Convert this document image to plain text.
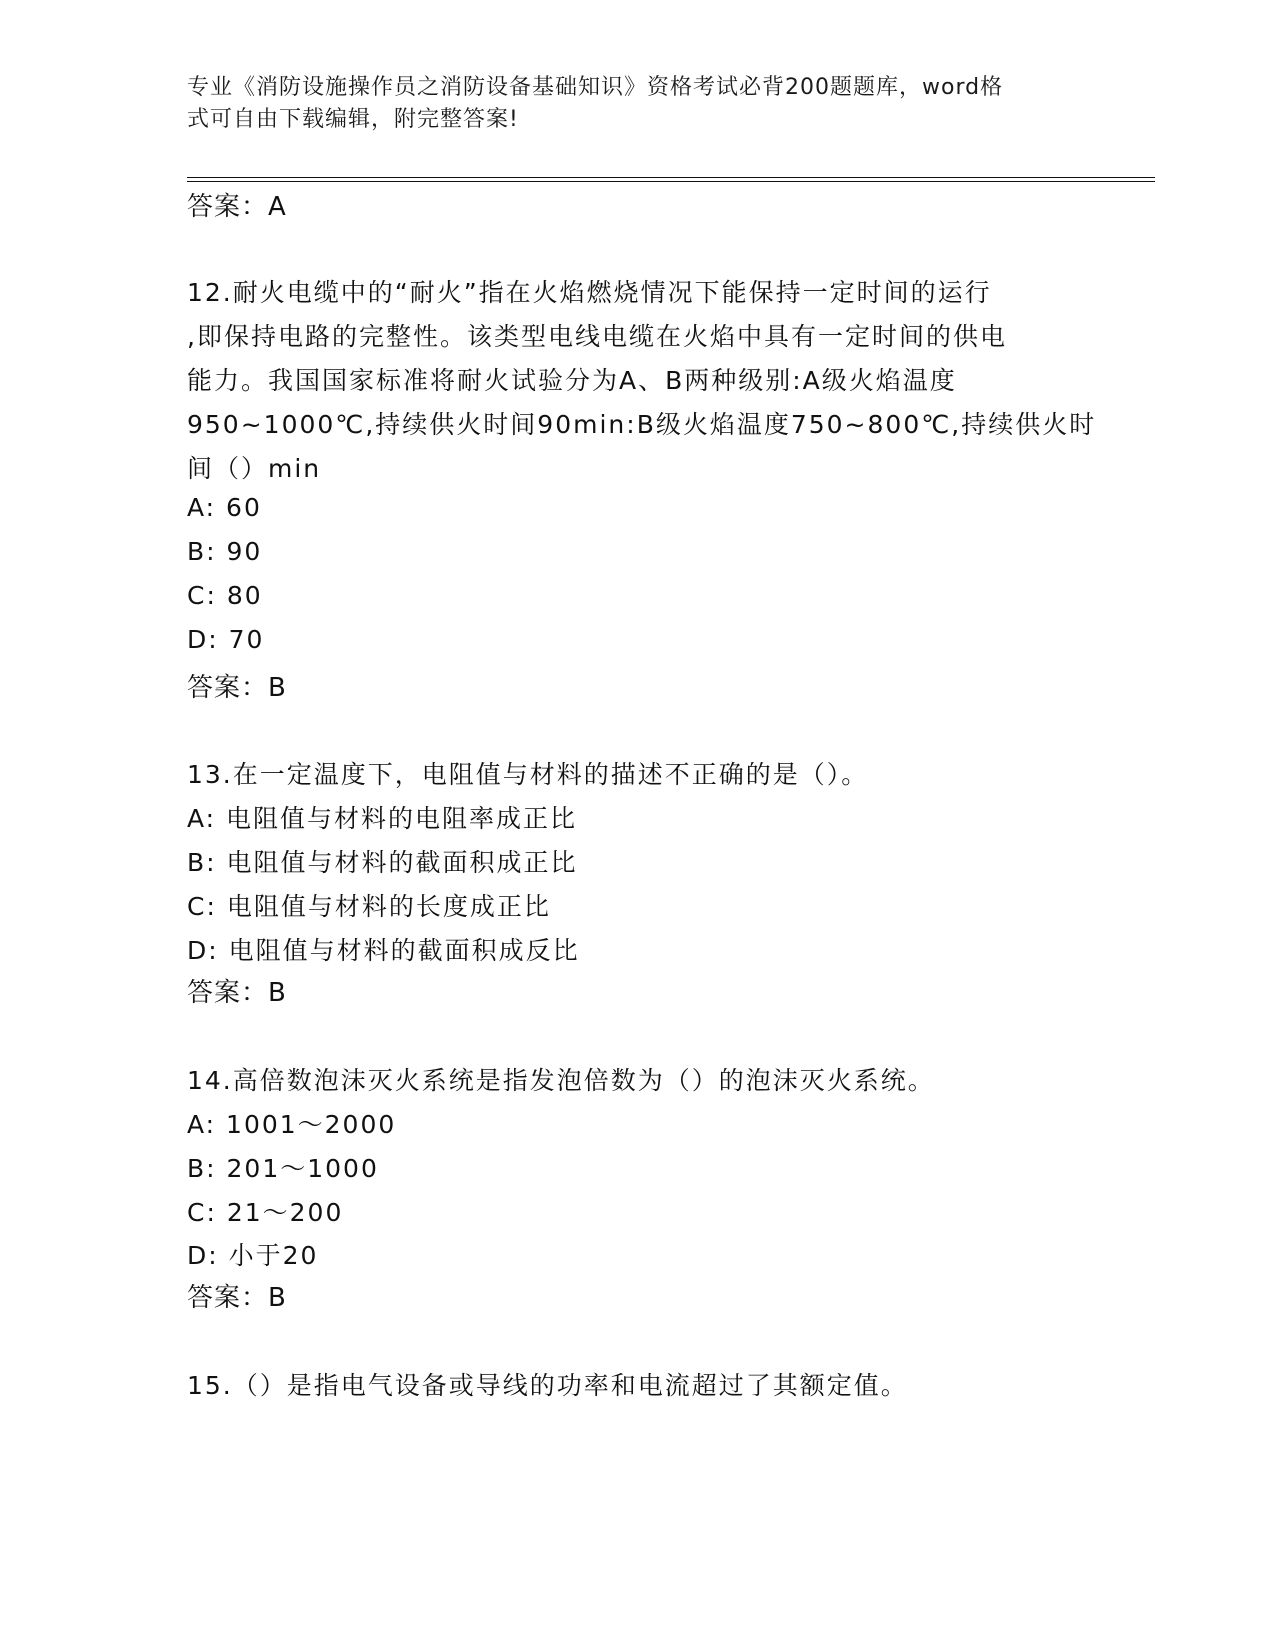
专业《消防设施操作员之消防设备基础知识》资格考试必背200题题库，word格
式可自由下载编辑，附完整答案!
答案：A
12.耐火电缆中的“耐火”指在火焰燃烧情况下能保持一定时间的运行
,即保持电路的完整性。该类型电线电缆在火焰中具有一定时间的供电
能力。我国国家标准将耐火试验分为A、B两种级别:A级火焰温度
950~1000℃,持续供火时间90min:B级火焰温度750~800℃,持续供火时
间（）min
A: 60
B: 90
C: 80
D: 70
答案：B
13.在一定温度下，电阻值与材料的描述不正确的是（）。
A: 电阻值与材料的电阻率成正比
B: 电阻值与材料的截面积成正比
C: 电阻值与材料的长度成正比
D: 电阻值与材料的截面积成反比
答案：B
14.高倍数泡沫灭火系统是指发泡倍数为（）的泡沫灭火系统。
A: 1001～2000
B: 201～1000
C: 21～200
D: 小于20
答案：B
15.（）是指电气设备或导线的功率和电流超过了其额定值。
